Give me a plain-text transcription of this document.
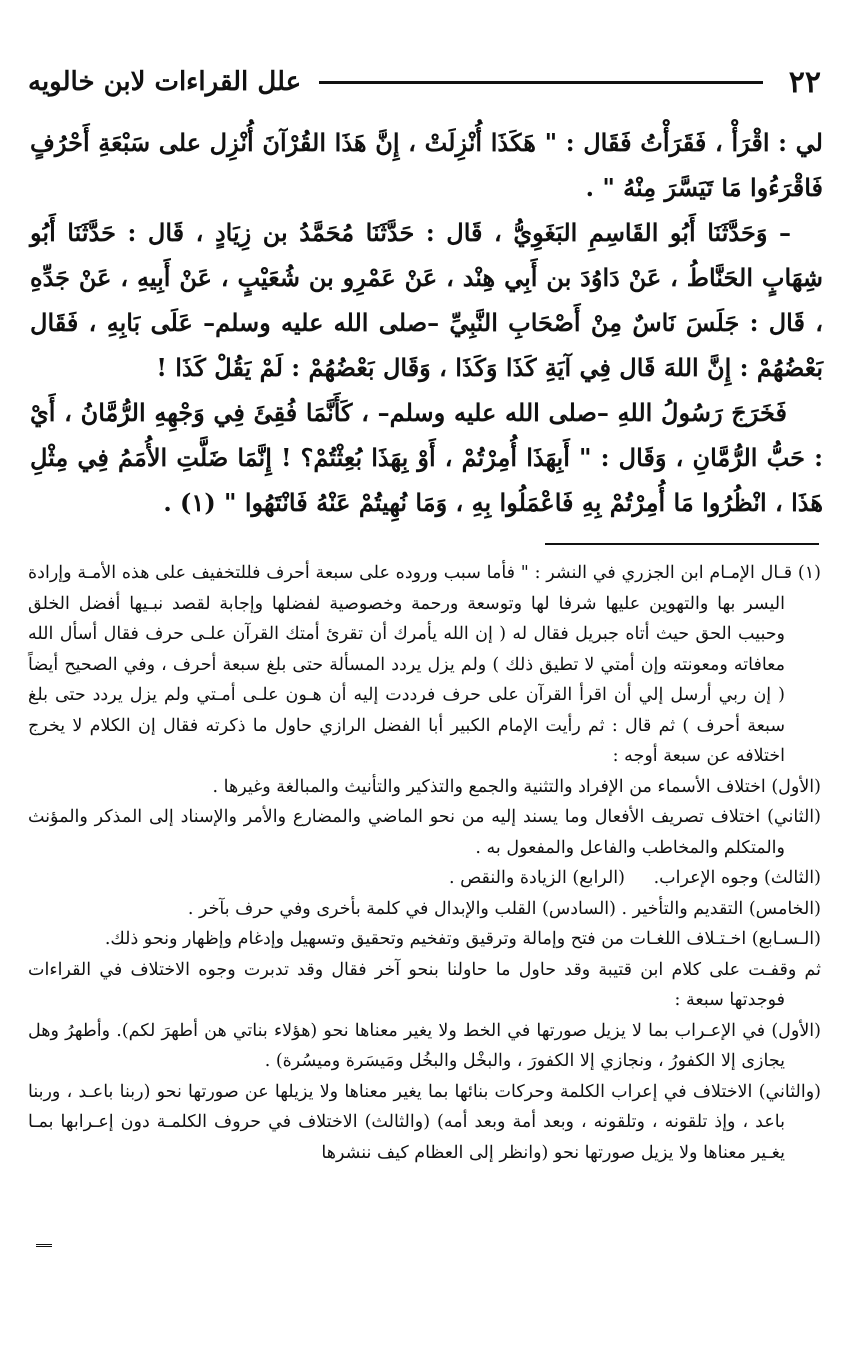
٢٢
علل القراءات لابن خالويه

لي : اقْرَأْ ، فَقَرَأْتُ فَقَال : " هَكَذَا أُنْزِلَتْ ، إِنَّ هَذَا القُرْآنَ أُنْزِل على سَبْعَةِ أَحْرُفٍ فَاقْرَءُوا مَا تَيَسَّرَ مِنْهُ " .

– وَحَدَّثَنَا أَبُو القَاسِمِ البَغَوِيُّ ، قَال : حَدَّثَنَا مُحَمَّدُ بن زِيَادٍ ، قَال : حَدَّثَنَا أَبُو شِهَابٍ الحَنَّاطُ ، عَنْ دَاوُدَ بن أَبِي هِنْد ، عَنْ عَمْرِو بن شُعَيْبٍ ، عَنْ أَبِيهِ ، عَنْ جَدِّهِ ، قَال : جَلَسَ نَاسٌ مِنْ أَصْحَابِ النَّبِيِّ –صلى الله عليه وسلم– عَلَى بَابِهِ ، فَقَال بَعْضُهُمْ : إِنَّ اللهَ قَال فِي آيَةِ كَذَا وَكَذَا ، وَقَال بَعْضُهُمْ : لَمْ يَقُلْ كَذَا !

فَخَرَجَ رَسُولُ اللهِ –صلى الله عليه وسلم– ، كَأَنَّمَا فُقِئَ فِي وَجْهِهِ الرُّمَّانُ ، أَيْ : حَبُّ الرُّمَّانِ ، وَقَال : " أَبِهَذَا أُمِرْتُمْ ، أَوْ بِهَذَا بُعِثْتُمْ؟ ! إِنَّمَا ضَلَّتِ الأُمَمُ فِي مِثْلِ هَذَا ، انْظُرُوا مَا أُمِرْتُمْ بِهِ فَاعْمَلُوا بِهِ ، وَمَا نُهِيتُمْ عَنْهُ فَانْتَهُوا " (١) .

(١) قـال الإمـام ابن الجزري في النشر : " فأما سبب وروده على سبعة أحرف فللتخفيف على هذه الأمـة وإرادة اليسر بها والتهوين عليها شرفا لها وتوسعة ورحمة وخصوصية لفضلها وإجابة لقصد نبـيها أفضل الخلق وحبيب الحق حيث أتاه جبريل فقال له ( إن الله يأمرك أن تقرئ أمتك القرآن علـى حرف فقال أسأل الله معافاته ومعونته وإن أمتي لا تطيق ذلك ) ولم يزل يردد المسألة حتى بلغ سبعة أحرف ، وفي الصحيح أيضاً ( إن ربي أرسل إلي أن اقرأ القرآن على حرف فرددت إليه أن هـون علـى أمـتي ولم يزل يردد حتى بلغ سبعة أحرف ) ثم قال : ثم رأيت الإمام الكبير أبا الفضل الرازي حاول ما ذكرته فقال إن الكلام لا يخرج اختلافه عن سبعة أوجه :

(الأول) اختلاف الأسماء من الإفراد والتثنية والجمع والتذكير والتأنيث والمبالغة وغيرها .

(الثاني) اختلاف تصريف الأفعال وما يسند إليه من نحو الماضي والمضارع والأمر والإسناد إلى المذكر والمؤنث والمتكلم والمخاطب والفاعل والمفعول به .

(الثالث) وجوه الإعراب.
(الرابع) الزيادة والنقص .

(الخامس) التقديم والتأخير . (السادس) القلب والإبدال في كلمة بأخرى وفي حرف بآخر .

(الـسـابع) اخـتـلاف اللغـات من فتح وإمالة وترقيق وتفخيم وتحقيق وتسهيل وإدغام وإظهار ونحو ذلك.

ثم وقفـت على كلام ابن قتيبة وقد حاول ما حاولنا بنحو آخر فقال وقد تدبرت وجوه الاختلاف في القراءات فوجدتها سبعة :

(الأول) في الإعـراب بما لا يزيل صورتها في الخط ولا يغير معناها نحو (هؤلاء بناتي هن أطهرَ لكم). وأطهرُ وهل يجازى إلا الكفورُ ، ونجازي إلا الكفورَ ، والبخْل والبخُل ومَيسَرة وميسُرة) .

(والثاني) الاختلاف في إعراب الكلمة وحركات بنائها بما يغير معناها ولا يزيلها عن صورتها نحو (ربنا باعـد ، وربنا باعد ، وإذ تلقونه ، وتلقونه ، وبعد أمة وبعد أمه) (والثالث) الاختلاف في حروف الكلمـة دون إعـرابها بمـا يغـير معناها ولا يزيل صورتها نحو (وانظر إلى العظام كيف ننشرها
